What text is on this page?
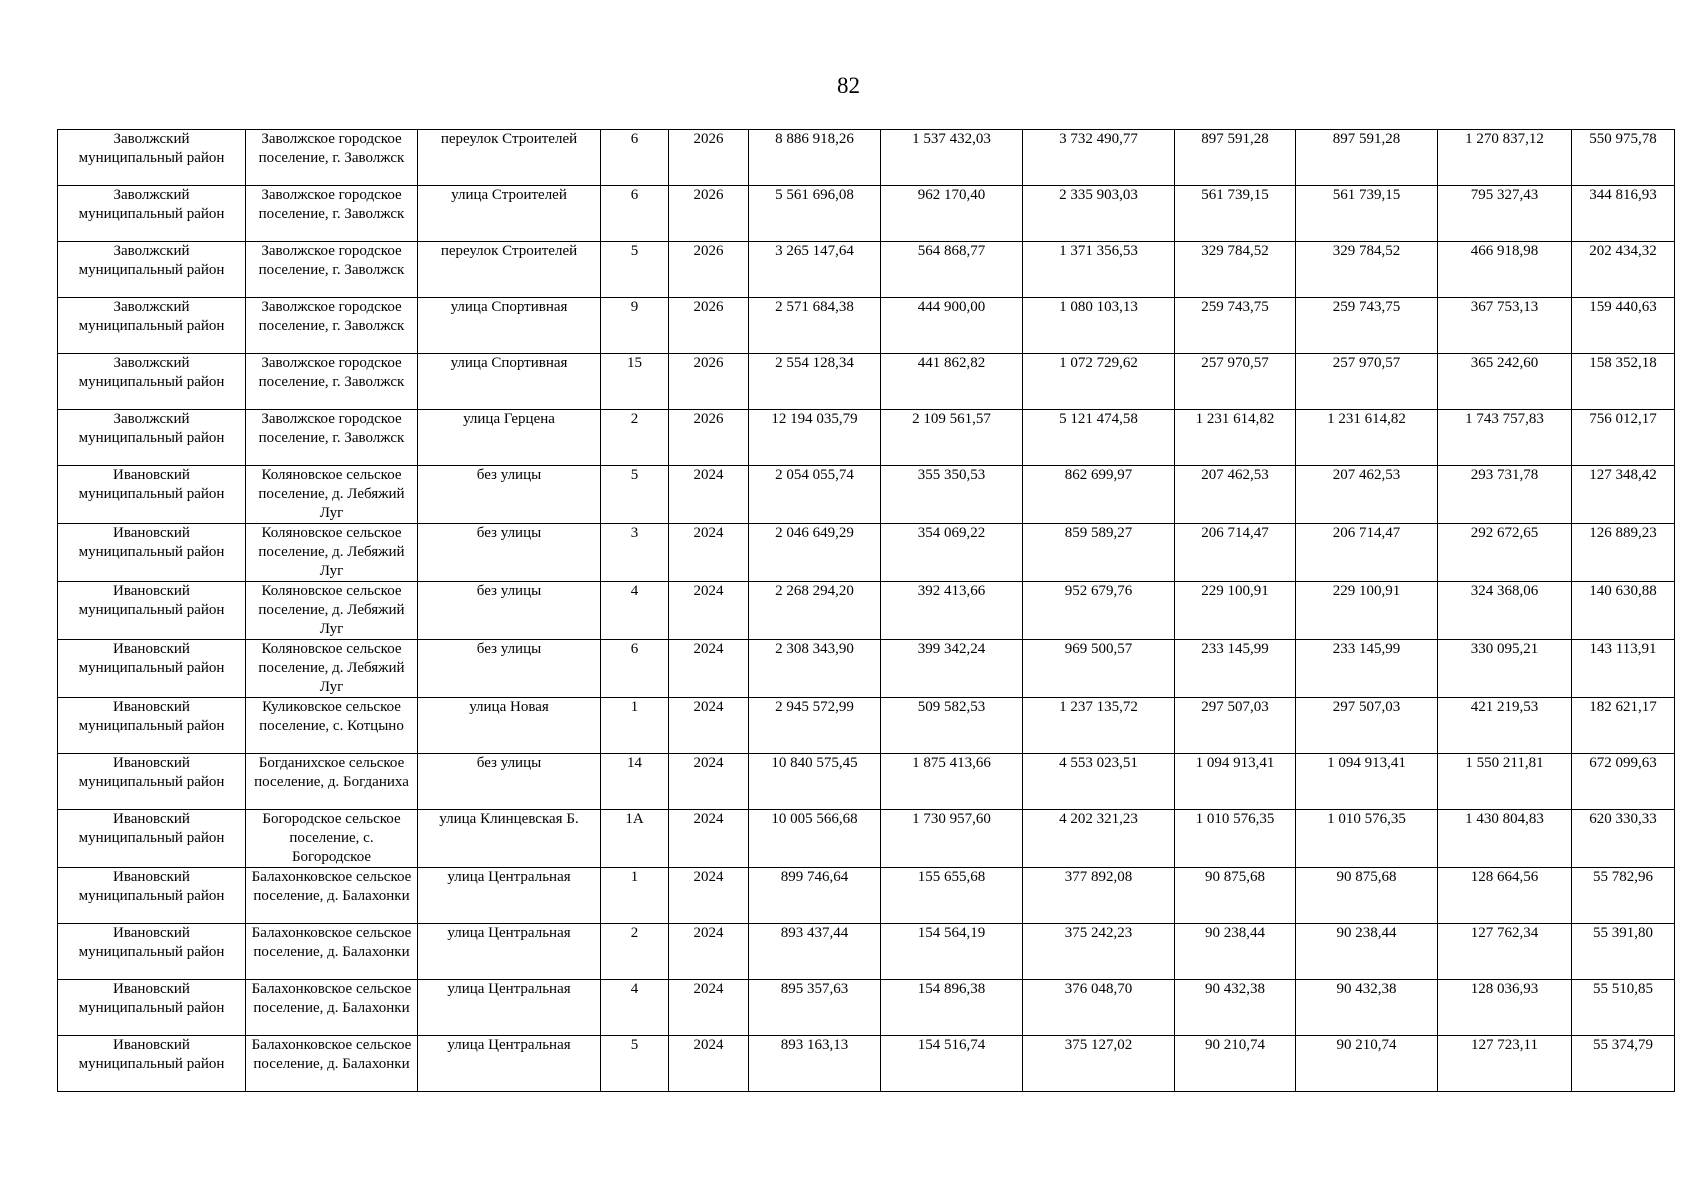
82
Заволжский муниципальный район	Заволжское городское поселение, г. Заволжск	переулок Строителей	6	2026	8 886 918,26	1 537 432,03	3 732 490,77	897 591,28	897 591,28	1 270 837,12	550 975,78
Заволжский муниципальный район	Заволжское городское поселение, г. Заволжск	улица Строителей	6	2026	5 561 696,08	962 170,40	2 335 903,03	561 739,15	561 739,15	795 327,43	344 816,93
Заволжский муниципальный район	Заволжское городское поселение, г. Заволжск	переулок Строителей	5	2026	3 265 147,64	564 868,77	1 371 356,53	329 784,52	329 784,52	466 918,98	202 434,32
Заволжский муниципальный район	Заволжское городское поселение, г. Заволжск	улица Спортивная	9	2026	2 571 684,38	444 900,00	1 080 103,13	259 743,75	259 743,75	367 753,13	159 440,63
Заволжский муниципальный район	Заволжское городское поселение, г. Заволжск	улица Спортивная	15	2026	2 554 128,34	441 862,82	1 072 729,62	257 970,57	257 970,57	365 242,60	158 352,18
Заволжский муниципальный район	Заволжское городское поселение, г. Заволжск	улица Герцена	2	2026	12 194 035,79	2 109 561,57	5 121 474,58	1 231 614,82	1 231 614,82	1 743 757,83	756 012,17
Ивановский муниципальный район	Коляновское сельское поселение, д. Лебяжий Луг	без улицы	5	2024	2 054 055,74	355 350,53	862 699,97	207 462,53	207 462,53	293 731,78	127 348,42
Ивановский муниципальный район	Коляновское сельское поселение, д. Лебяжий Луг	без улицы	3	2024	2 046 649,29	354 069,22	859 589,27	206 714,47	206 714,47	292 672,65	126 889,23
Ивановский муниципальный район	Коляновское сельское поселение, д. Лебяжий Луг	без улицы	4	2024	2 268 294,20	392 413,66	952 679,76	229 100,91	229 100,91	324 368,06	140 630,88
Ивановский муниципальный район	Коляновское сельское поселение, д. Лебяжий Луг	без улицы	6	2024	2 308 343,90	399 342,24	969 500,57	233 145,99	233 145,99	330 095,21	143 113,91
Ивановский муниципальный район	Куликовское сельское поселение, с. Котцыно	улица Новая	1	2024	2 945 572,99	509 582,53	1 237 135,72	297 507,03	297 507,03	421 219,53	182 621,17
Ивановский муниципальный район	Богданихское сельское поселение, д. Богданиха	без улицы	14	2024	10 840 575,45	1 875 413,66	4 553 023,51	1 094 913,41	1 094 913,41	1 550 211,81	672 099,63
Ивановский муниципальный район	Богородское сельское поселение, с. Богородское	улица Клинцевская Б.	1А	2024	10 005 566,68	1 730 957,60	4 202 321,23	1 010 576,35	1 010 576,35	1 430 804,83	620 330,33
Ивановский муниципальный район	Балахонковское сельское поселение, д. Балахонки	улица Центральная	1	2024	899 746,64	155 655,68	377 892,08	90 875,68	90 875,68	128 664,56	55 782,96
Ивановский муниципальный район	Балахонковское сельское поселение, д. Балахонки	улица Центральная	2	2024	893 437,44	154 564,19	375 242,23	90 238,44	90 238,44	127 762,34	55 391,80
Ивановский муниципальный район	Балахонковское сельское поселение, д. Балахонки	улица Центральная	4	2024	895 357,63	154 896,38	376 048,70	90 432,38	90 432,38	128 036,93	55 510,85
Ивановский муниципальный район	Балахонковское сельское поселение, д. Балахонки	улица Центральная	5	2024	893 163,13	154 516,74	375 127,02	90 210,74	90 210,74	127 723,11	55 374,79
